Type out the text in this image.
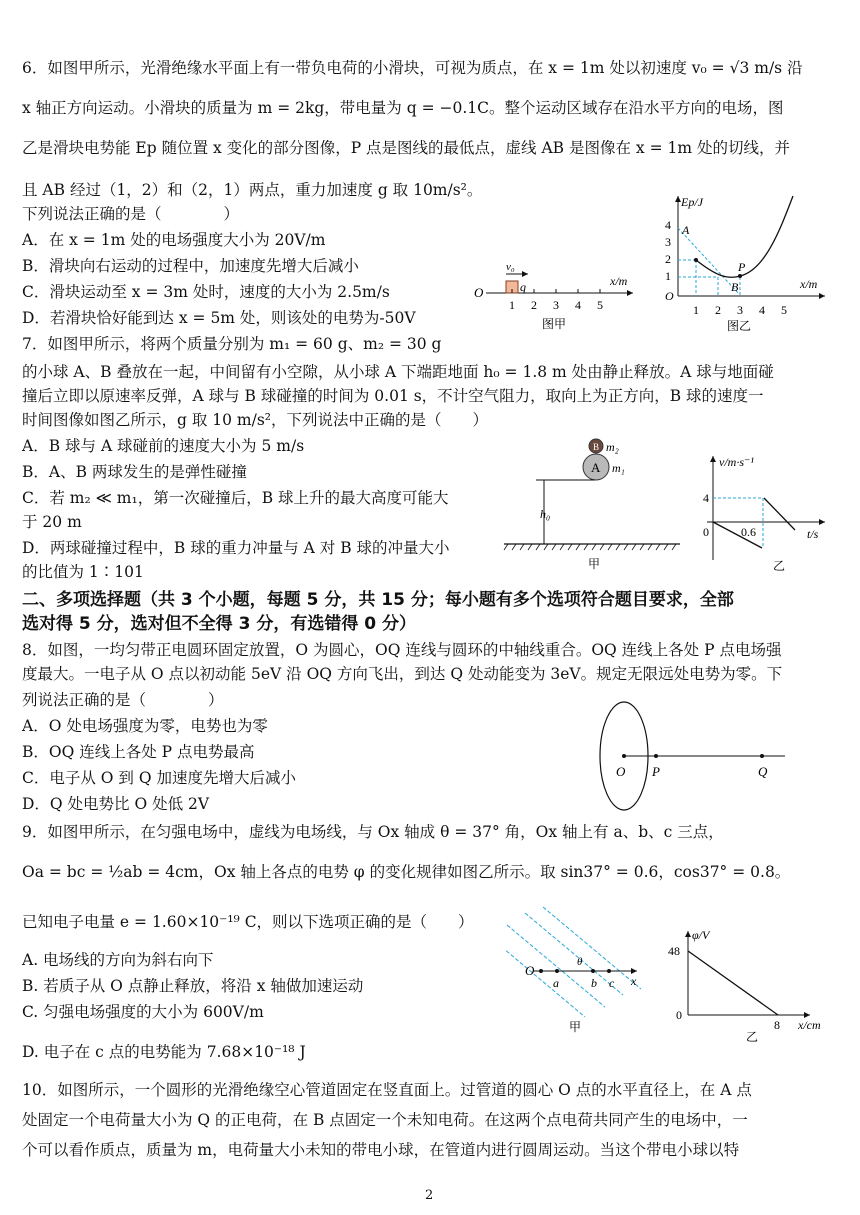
6．如图甲所示，光滑绝缘水平面上有一带负电荷的小滑块，可视为质点，在 x = 1m 处以初速度 v₀ = √3 m/s 沿
x 轴正方向运动。小滑块的质量为 m = 2kg，带电量为 q = −0.1C。整个运动区域存在沿水平方向的电场，图
乙是滑块电势能 Ep 随位置 x 变化的部分图像，P 点是图线的最低点，虚线 AB 是图像在 x = 1m 处的切线，并
且 AB 经过（1，2）和（2，1）两点，重力加速度 g 取 10m/s²。
下列说法正确的是（　　　　）
A．在 x = 1m 处的电场强度大小为 20V/m
B．滑块向右运动的过程中，加速度先增大后减小
C．滑块运动至 x = 3m 处时，速度的大小为 2.5m/s
D．若滑块恰好能到达 x = 5m 处，则该处的电势为-50V
O
x/m
v₀
q
1 2 3 4 5
图甲
Ep/J
x/m
O
1
2
3
4
1 2 3 4 5
A
B
P
图乙
7．如图甲所示，将两个质量分别为 m₁ = 60 g、m₂ = 30 g
的小球 A、B 叠放在一起，中间留有小空隙，从小球 A 下端距地面 h₀ = 1.8 m 处由静止释放。A 球与地面碰
撞后立即以原速率反弹，A 球与 B 球碰撞的时间为 0.01 s，不计空气阻力，取向上为正方向，B 球的速度一
时间图像如图乙所示，g 取 10 m/s²，下列说法中正确的是（　　）
A．B 球与 A 球碰前的速度大小为 5 m/s
B．A、B 两球发生的是弹性碰撞
C．若 m₂ ≪ m₁，第一次碰撞后，B 球上升的最大高度可能大
于 20 m
D．两球碰撞过程中，B 球的重力冲量与 A 对 B 球的冲量大小
的比值为 1∶101
B m₂
A m₁
h₀
甲
v/m·s⁻¹
t/s
0
4
0.6
乙
二、多项选择题（共 3 个小题，每题 5 分，共 15 分；每小题有多个选项符合题目要求，全部
选对得 5 分，选对但不全得 3 分，有选错得 0 分）
8．如图，一均匀带正电圆环固定放置，O 为圆心，OQ 连线与圆环的中轴线重合。OQ 连线上各处 P 点电场强
度最大。一电子从 O 点以初动能 5eV 沿 OQ 方向飞出，到达 Q 处动能变为 3eV。规定无限远处电势为零。下
列说法正确的是（　　　　）
A．O 处电场强度为零，电势也为零
B．OQ 连线上各处 P 点电势最高
C．电子从 O 到 Q 加速度先增大后减小
D．Q 处电势比 O 处低 2V
O P	Q
9．如图甲所示，在匀强电场中，虚线为电场线，与 Ox 轴成 θ = 37° 角，Ox 轴上有 a、b、c 三点，
Oa = bc = ½ab = 4cm，Ox 轴上各点的电势 φ 的变化规律如图乙所示。取 sin37° = 0.6，cos37° = 0.8。
已知电子电量 e = 1.60×10⁻¹⁹ C，则以下选项正确的是（　　）
A. 电场线的方向为斜右向下
B. 若质子从 O 点静止释放，将沿 x 轴做加速运动
C. 匀强电场强度的大小为 600V/m
D. 电子在 c 点的电势能为 7.68×10⁻¹⁸ J
O
a	b c x
θ
甲
φ/V
x/cm
0
48
8
乙
10．如图所示，一个圆形的光滑绝缘空心管道固定在竖直面上。过管道的圆心 O 点的水平直径上，在 A 点
处固定一个电荷量大小为 Q 的正电荷，在 B 点固定一个未知电荷。在这两个点电荷共同产生的电场中，一
个可以看作质点，质量为 m，电荷量大小未知的带电小球，在管道内进行圆周运动。当这个带电小球以特
2
